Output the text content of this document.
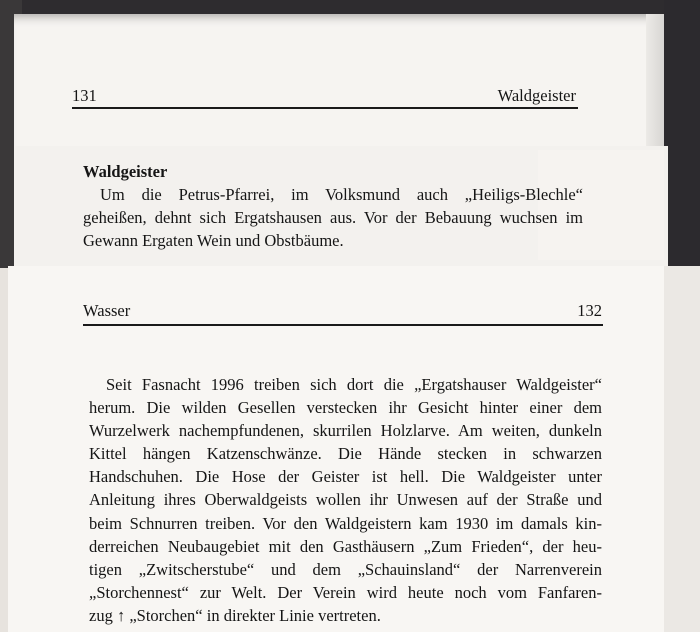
131	Waldgeister
Waldgeister
Um die Petrus-Pfarrei, im Volksmund auch „Heiligs-Blechle“
geheißen, dehnt sich Ergatshausen aus. Vor der Bebauung wuchsen im
Gewann Ergaten Wein und Obstbäume.
Wasser	132
Seit Fasnacht 1996 treiben sich dort die „Ergatshauser Waldgeister“
herum. Die wilden Gesellen verstecken ihr Gesicht hinter einer dem
Wurzelwerk nachempfundenen, skurrilen Holzlarve. Am weiten, dunkeln
Kittel hängen Katzenschwänze. Die Hände stecken in schwarzen
Handschuhen. Die Hose der Geister ist hell. Die Waldgeister unter
Anleitung ihres Oberwaldgeists wollen ihr Unwesen auf der Straße und
beim Schnurren treiben. Vor den Waldgeistern kam 1930 im damals kin-
derreichen Neubaugebiet mit den Gasthäusern „Zum Frieden“, der heu-
tigen „Zwitscherstube“ und dem „Schauinsland“ der Narrenverein
„Storchennest“ zur Welt. Der Verein wird heute noch vom Fanfaren-
zug ↑ „Storchen“ in direkter Linie vertreten.
